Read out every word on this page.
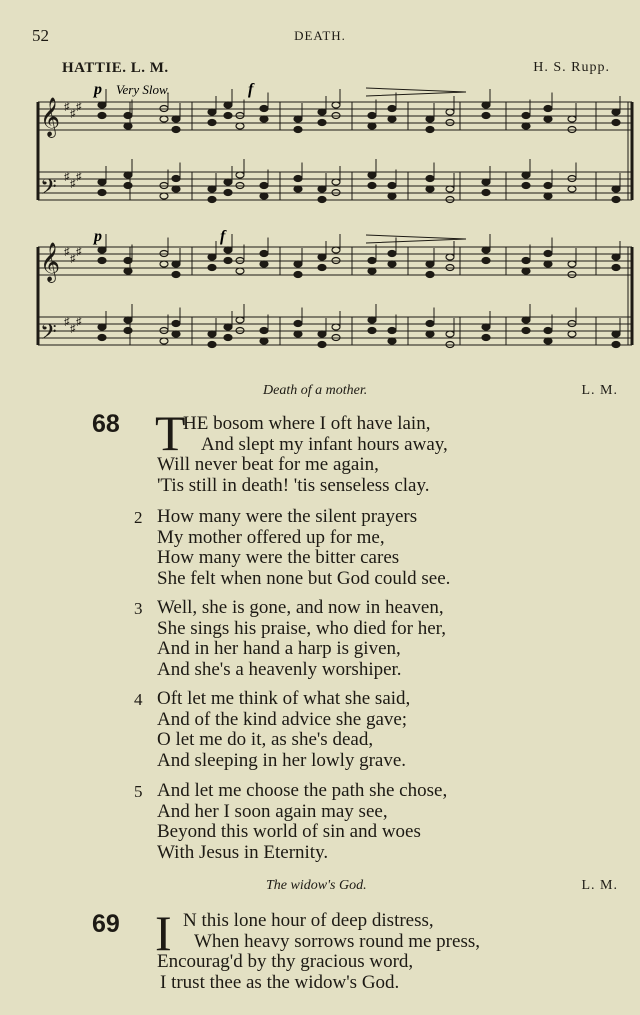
52	DEATH.
HATTIE. L. M.	H. S. Rupp.
p Very Slow.	f
𝄞 ♯
♯
♯
𝄢 ♯
♯
♯
p	f
𝄞 ♯
♯
♯
𝄢 ♯
♯
♯
Death of a mother.	L. M.
68 T
HE bosom where I oft have lain,
And slept my infant hours away,
Will never beat for me again,
'Tis still in death! 'tis senseless clay.
2 How many were the silent prayers
My mother offered up for me,
How many were the bitter cares
She felt when none but God could see.
3 Well, she is gone, and now in heaven,
She sings his praise, who died for her,
And in her hand a harp is given,
And she's a heavenly worshiper.
4 Oft let me think of what she said,
And of the kind advice she gave;
O let me do it, as she's dead,
And sleeping in her lowly grave.
5 And let me choose the path she chose,
And her I soon again may see,
Beyond this world of sin and woes
With Jesus in Eternity.
The widow's God.	L. M.
69 I N this lone hour of deep distress,
When heavy sorrows round me press,
Encourag'd by thy gracious word,
I trust thee as the widow's God.
